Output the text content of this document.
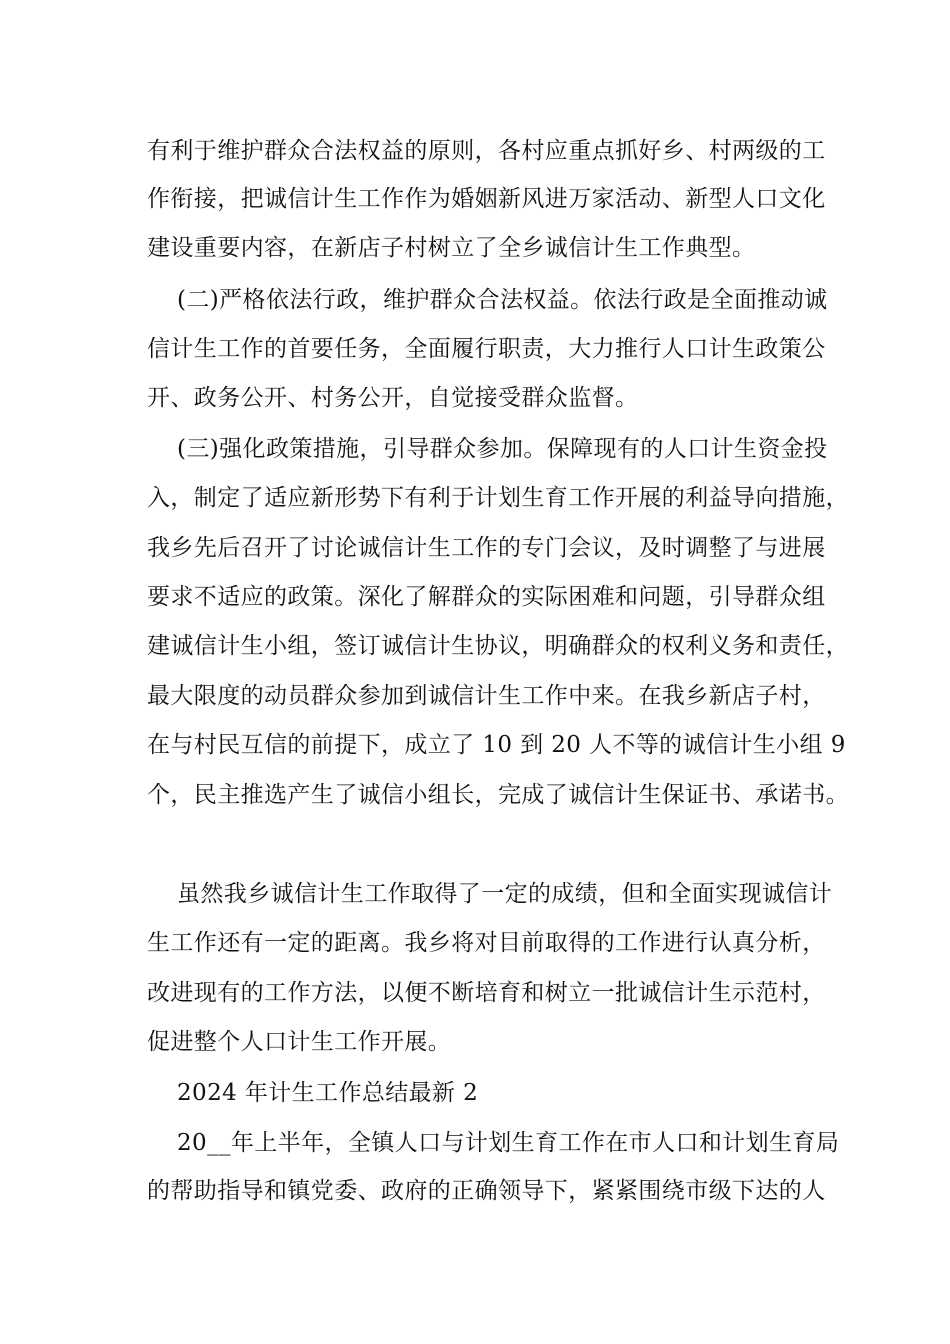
有利于维护群众合法权益的原则，各村应重点抓好乡、村两级的工
作衔接，把诚信计生工作作为婚姻新风进万家活动、新型人口文化
建设重要内容，在新店子村树立了全乡诚信计生工作典型。
(二)严格依法行政，维护群众合法权益。依法行政是全面推动诚
信计生工作的首要任务，全面履行职责，大力推行人口计生政策公
开、政务公开、村务公开，自觉接受群众监督。
(三)强化政策措施，引导群众参加。保障现有的人口计生资金投
入，制定了适应新形势下有利于计划生育工作开展的利益导向措施，
我乡先后召开了讨论诚信计生工作的专门会议，及时调整了与进展
要求不适应的政策。深化了解群众的实际困难和问题，引导群众组
建诚信计生小组，签订诚信计生协议，明确群众的权利义务和责任，
最大限度的动员群众参加到诚信计生工作中来。在我乡新店子村，
在与村民互信的前提下，成立了 10 到 20 人不等的诚信计生小组 9
个，民主推选产生了诚信小组长，完成了诚信计生保证书、承诺书。
虽然我乡诚信计生工作取得了一定的成绩，但和全面实现诚信计
生工作还有一定的距离。我乡将对目前取得的工作进行认真分析，
改进现有的工作方法，以便不断培育和树立一批诚信计生示范村，
促进整个人口计生工作开展。
2024 年计生工作总结最新 2
20__年上半年，全镇人口与计划生育工作在市人口和计划生育局
的帮助指导和镇党委、政府的正确领导下，紧紧围绕市级下达的人
